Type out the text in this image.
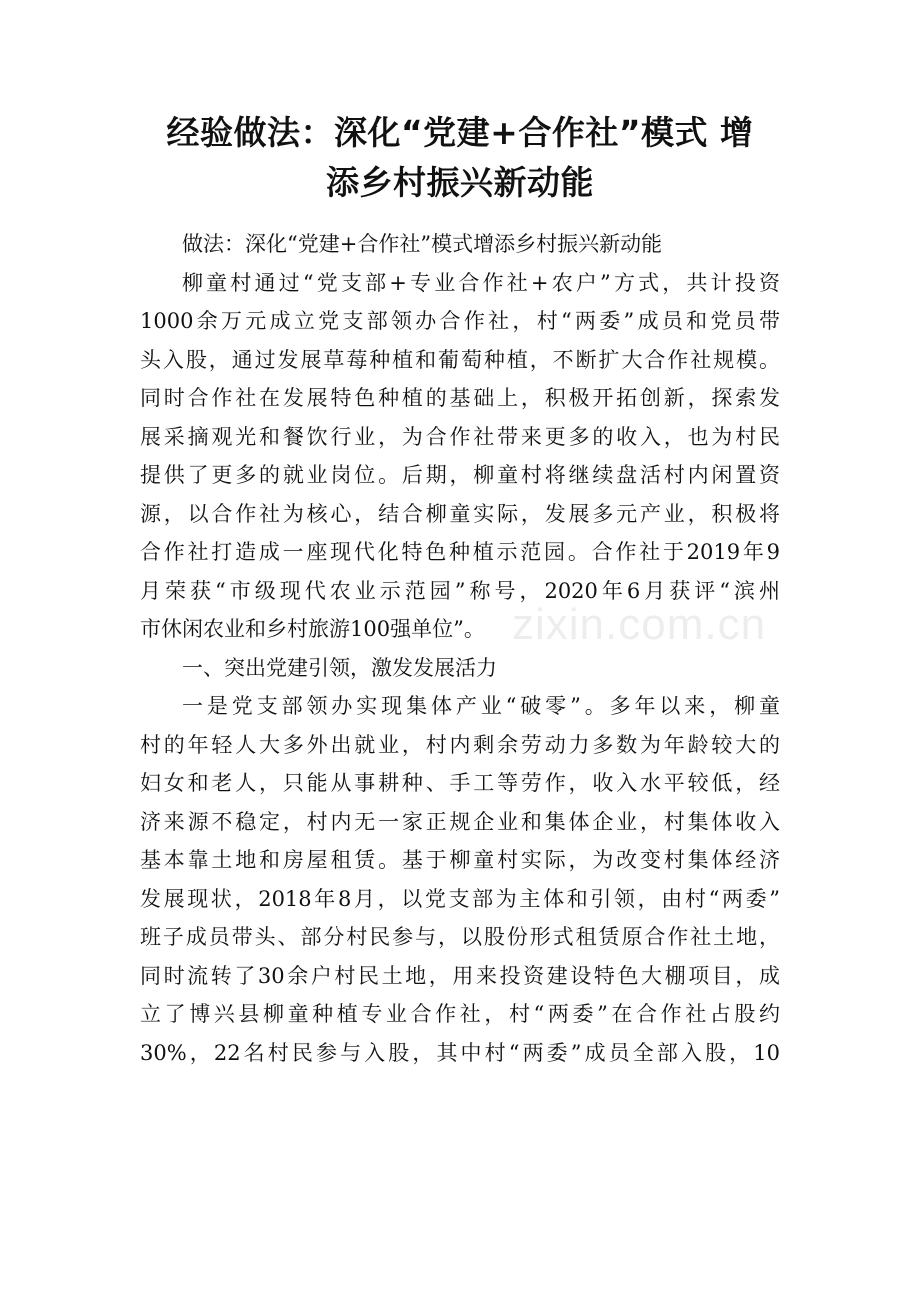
经验做法：深化“党建+合作社”模式 增
添乡村振兴新动能
zixin.com.cn
做法：深化“党建+合作社”模式增添乡村振兴新动能
柳童村通过“党支部+专业合作社+农户”方式，共计投资
1000余万元成立党支部领办合作社，村“两委”成员和党员带
头入股，通过发展草莓种植和葡萄种植，不断扩大合作社规模。
同时合作社在发展特色种植的基础上，积极开拓创新，探索发
展采摘观光和餐饮行业，为合作社带来更多的收入，也为村民
提供了更多的就业岗位。后期，柳童村将继续盘活村内闲置资
源，以合作社为核心，结合柳童实际，发展多元产业，积极将
合作社打造成一座现代化特色种植示范园。合作社于2019年9
月荣获“市级现代农业示范园”称号，2020年6月获评“滨州
市休闲农业和乡村旅游100强单位”。
一、突出党建引领，激发发展活力
一是党支部领办实现集体产业“破零”。多年以来，柳童
村的年轻人大多外出就业，村内剩余劳动力多数为年龄较大的
妇女和老人，只能从事耕种、手工等劳作，收入水平较低，经
济来源不稳定，村内无一家正规企业和集体企业，村集体收入
基本靠土地和房屋租赁。基于柳童村实际，为改变村集体经济
发展现状，2018年8月，以党支部为主体和引领，由村“两委”
班子成员带头、部分村民参与，以股份形式租赁原合作社土地，
同时流转了30余户村民土地，用来投资建设特色大棚项目，成
立了博兴县柳童种植专业合作社，村“两委”在合作社占股约
30%，22名村民参与入股，其中村“两委”成员全部入股，10
